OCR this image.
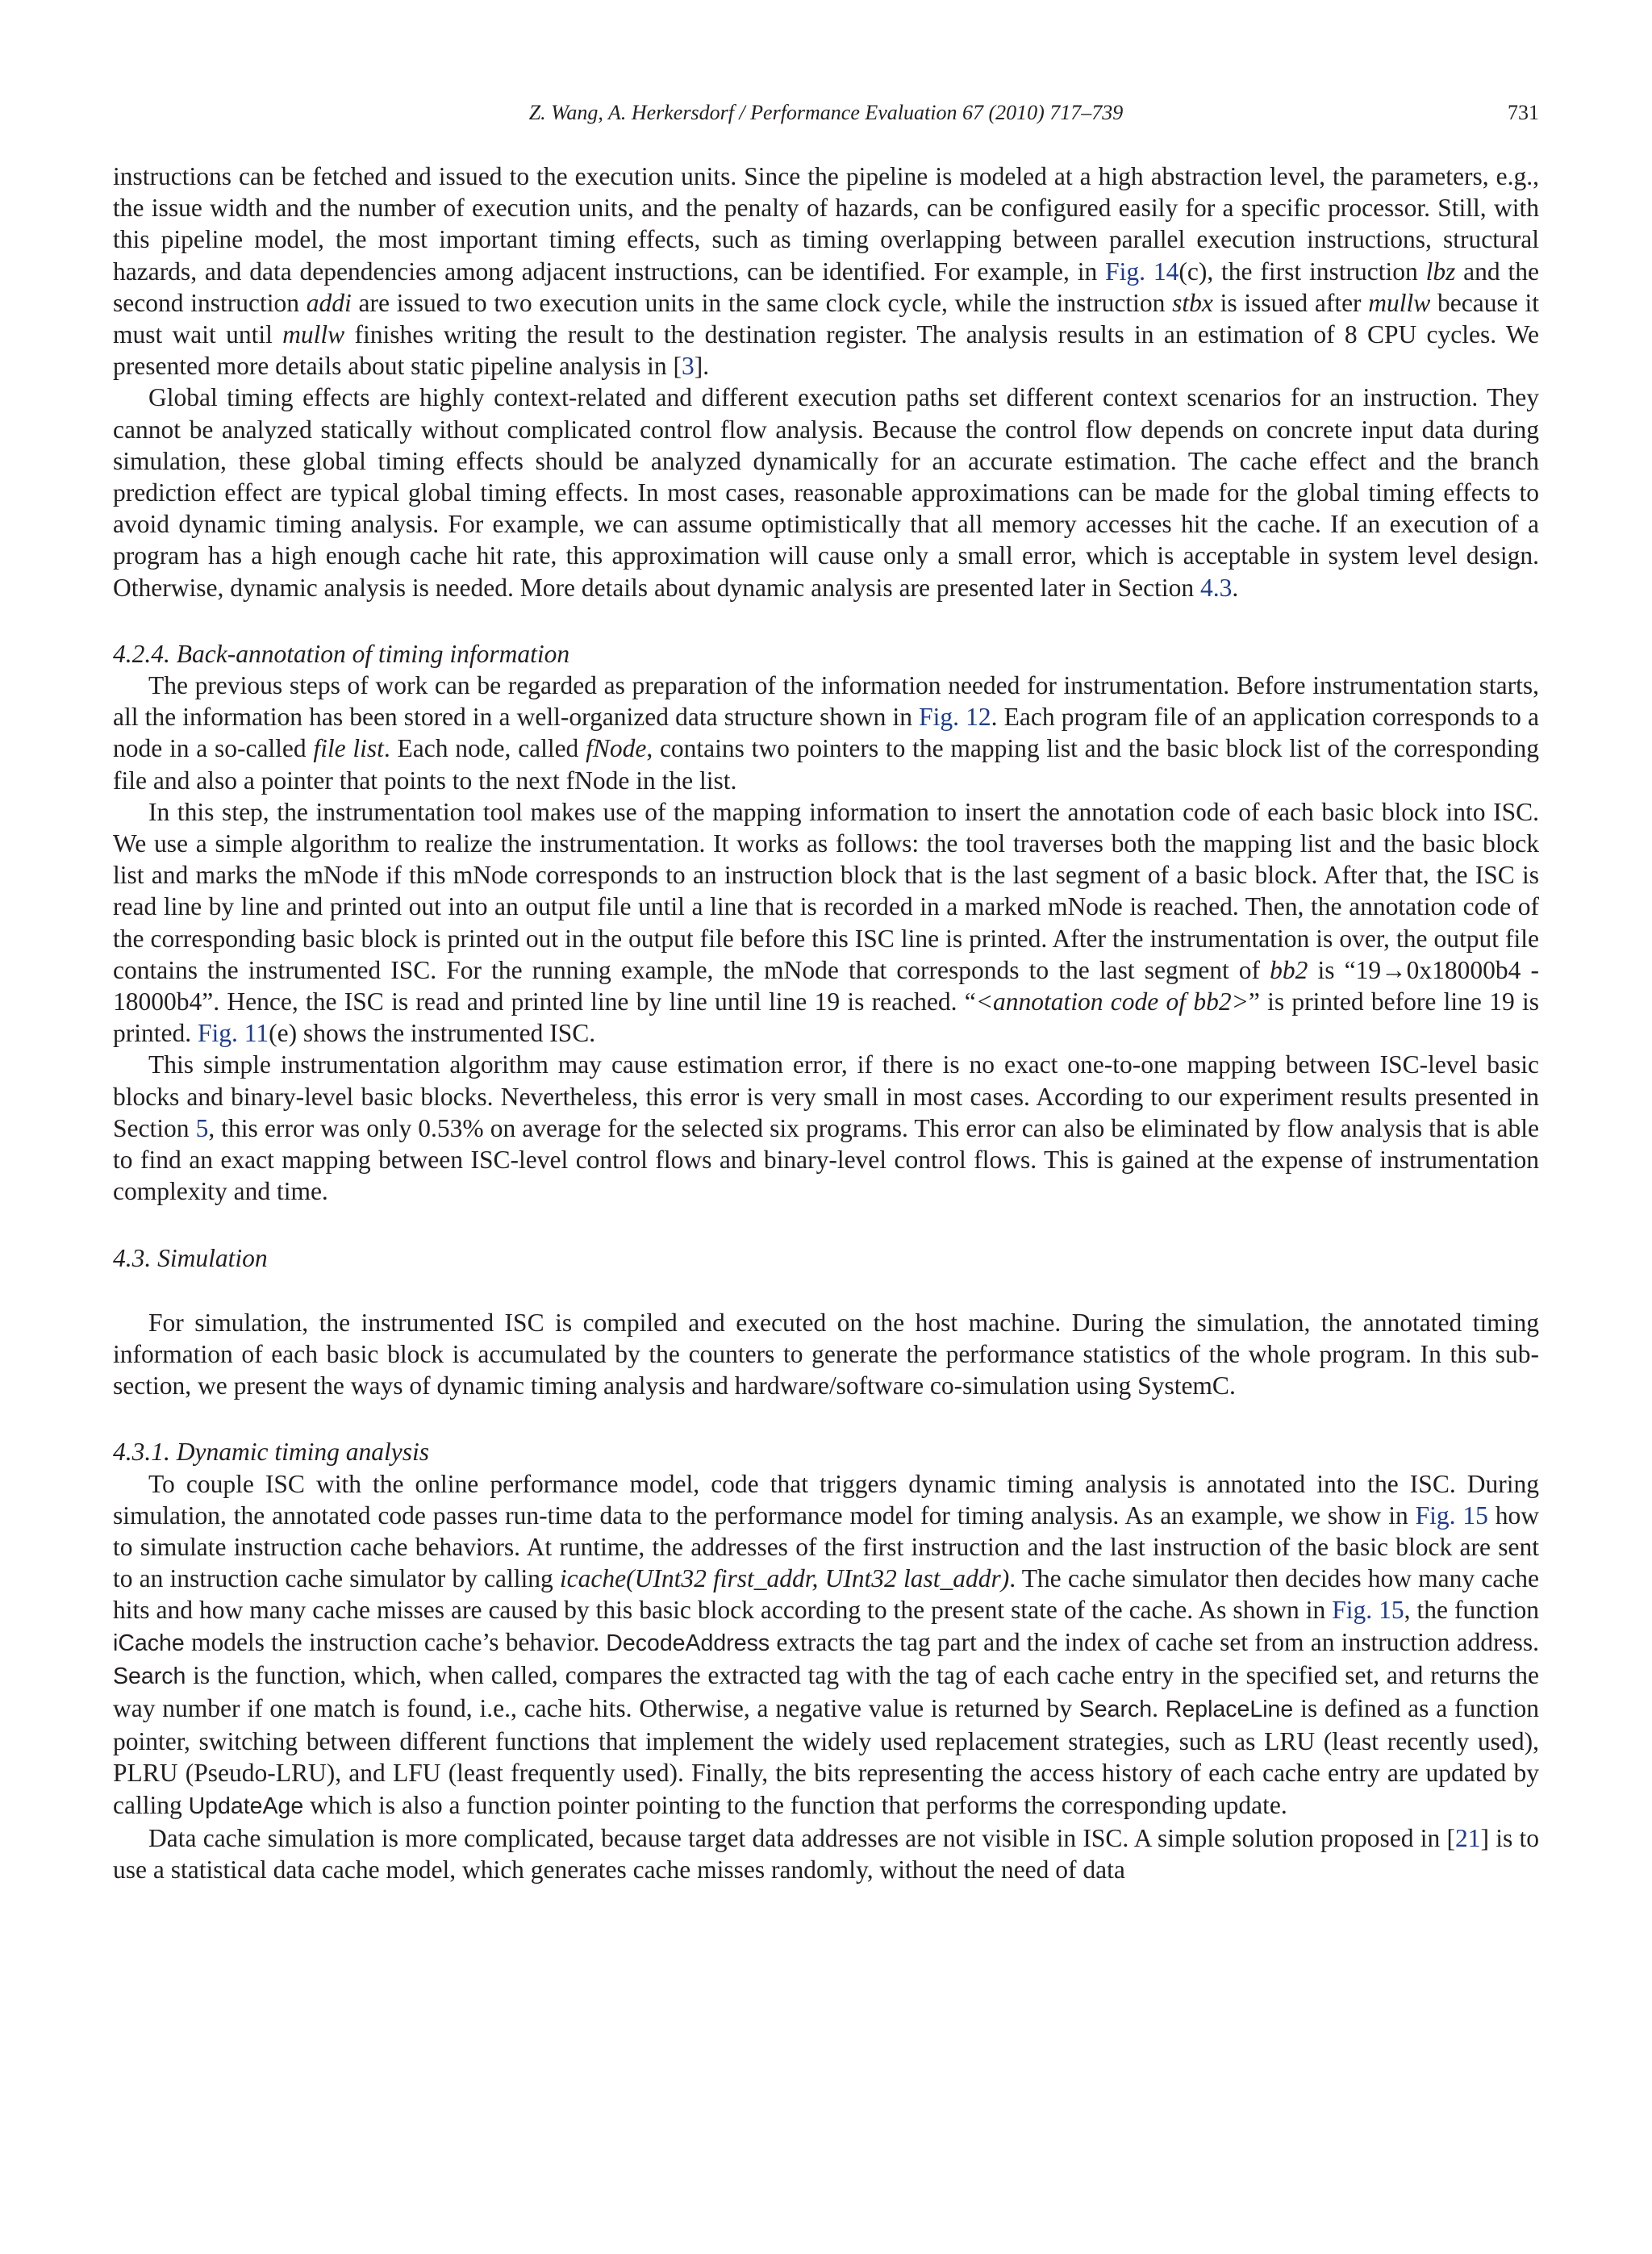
Z. Wang, A. Herkersdorf / Performance Evaluation 67 (2010) 717–739	731

instructions can be fetched and issued to the execution units. Since the pipeline is modeled at a high abstraction level, the parameters, e.g., the issue width and the number of execution units, and the penalty of hazards, can be configured easily for a specific processor. Still, with this pipeline model, the most important timing effects, such as timing overlapping between parallel execution instructions, structural hazards, and data dependencies among adjacent instructions, can be identified. For example, in Fig. 14(c), the first instruction lbz and the second instruction addi are issued to two execution units in the same clock cycle, while the instruction stbx is issued after mullw because it must wait until mullw finishes writing the result to the destination register. The analysis results in an estimation of 8 CPU cycles. We presented more details about static pipeline analysis in [3].

Global timing effects are highly context-related and different execution paths set different context scenarios for an instruction. They cannot be analyzed statically without complicated control flow analysis. Because the control flow depends on concrete input data during simulation, these global timing effects should be analyzed dynamically for an accurate estimation. The cache effect and the branch prediction effect are typical global timing effects. In most cases, reasonable approximations can be made for the global timing effects to avoid dynamic timing analysis. For example, we can assume optimistically that all memory accesses hit the cache. If an execution of a program has a high enough cache hit rate, this approximation will cause only a small error, which is acceptable in system level design. Otherwise, dynamic analysis is needed. More details about dynamic analysis are presented later in Section 4.3.

4.2.4. Back-annotation of timing information

The previous steps of work can be regarded as preparation of the information needed for instrumentation. Before instrumentation starts, all the information has been stored in a well-organized data structure shown in Fig. 12. Each program file of an application corresponds to a node in a so-called file list. Each node, called fNode, contains two pointers to the mapping list and the basic block list of the corresponding file and also a pointer that points to the next fNode in the list.

In this step, the instrumentation tool makes use of the mapping information to insert the annotation code of each basic block into ISC. We use a simple algorithm to realize the instrumentation. It works as follows: the tool traverses both the mapping list and the basic block list and marks the mNode if this mNode corresponds to an instruction block that is the last segment of a basic block. After that, the ISC is read line by line and printed out into an output file until a line that is recorded in a marked mNode is reached. Then, the annotation code of the corresponding basic block is printed out in the output file before this ISC line is printed. After the instrumentation is over, the output file contains the instrumented ISC. For the running example, the mNode that corresponds to the last segment of bb2 is “19→0x18000b4 - 18000b4”. Hence, the ISC is read and printed line by line until line 19 is reached. “<annotation code of bb2>” is printed before line 19 is printed. Fig. 11(e) shows the instrumented ISC.

This simple instrumentation algorithm may cause estimation error, if there is no exact one-to-one mapping between ISC-level basic blocks and binary-level basic blocks. Nevertheless, this error is very small in most cases. According to our experiment results presented in Section 5, this error was only 0.53% on average for the selected six programs. This error can also be eliminated by flow analysis that is able to find an exact mapping between ISC-level control flows and binary-level control flows. This is gained at the expense of instrumentation complexity and time.

4.3. Simulation

For simulation, the instrumented ISC is compiled and executed on the host machine. During the simulation, the annotated timing information of each basic block is accumulated by the counters to generate the performance statistics of the whole program. In this sub-section, we present the ways of dynamic timing analysis and hardware/software co-simulation using SystemC.

4.3.1. Dynamic timing analysis

To couple ISC with the online performance model, code that triggers dynamic timing analysis is annotated into the ISC. During simulation, the annotated code passes run-time data to the performance model for timing analysis. As an example, we show in Fig. 15 how to simulate instruction cache behaviors. At runtime, the addresses of the first instruction and the last instruction of the basic block are sent to an instruction cache simulator by calling icache(UInt32 first_addr, UInt32 last_addr). The cache simulator then decides how many cache hits and how many cache misses are caused by this basic block according to the present state of the cache. As shown in Fig. 15, the function iCache models the instruction cache’s behavior. DecodeAddress extracts the tag part and the index of cache set from an instruction address. Search is the function, which, when called, compares the extracted tag with the tag of each cache entry in the specified set, and returns the way number if one match is found, i.e., cache hits. Otherwise, a negative value is returned by Search. ReplaceLine is defined as a function pointer, switching between different functions that implement the widely used replacement strategies, such as LRU (least recently used), PLRU (Pseudo-LRU), and LFU (least frequently used). Finally, the bits representing the access history of each cache entry are updated by calling UpdateAge which is also a function pointer pointing to the function that performs the corresponding update.

Data cache simulation is more complicated, because target data addresses are not visible in ISC. A simple solution proposed in [21] is to use a statistical data cache model, which generates cache misses randomly, without the need of data
